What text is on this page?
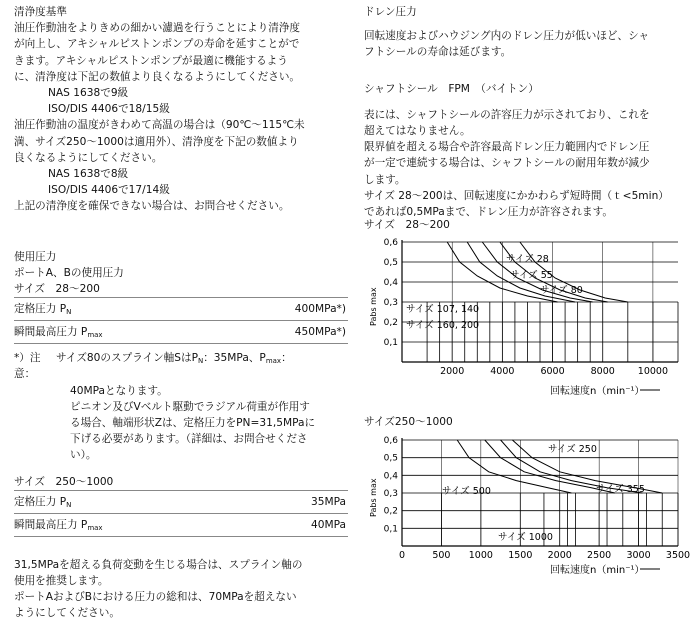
清浄度基準

油圧作動油をよりきめの細かい濾過を行うことにより清浄度

が向上し、アキシャルピストンポンプの寿命を延すことがで

きます。アキシャルピストンポンプが最適に機能するよう

に、清浄度は下記の数値より良くなるようにしてください。

NAS 1638で9級

ISO/DIS 4406で18/15級

油圧作動油の温度がきわめて高温の場合は（90℃〜115℃未

満、サイズ250〜1000は適用外）、清浄度を下記の数値より

良くなるようにしてください。

NAS 1638で8級

ISO/DIS 4406で17/14級

上記の清浄度を確保できない場合は、お問合せください。

使用圧力

ポートA、Bの使用圧力

サイズ　28〜200

定格圧力 $P_N$	400MPa*)
瞬間最高圧力 $P_{max}$	450MPa*)
*）注意：
サイズ80のスプライン軸Sは$P_N$：35MPa、$P_{max}$：

40MPaとなります。

ピニオン及びVベルト駆動でラジアル荷重が作用す

る場合、軸端形状Zは、定格圧力をPN=31,5MPaに

下げる必要があります。（詳細は、お問合せくださ

い）。

サイズ　250〜1000

定格圧力 $P_N$	35MPa
瞬間最高圧力 $P_{max}$	40MPa

31,5MPaを超える負荷変動を生じる場合は、スプライン軸の

使用を推奨します。

ポートAおよびBにおける圧力の総和は、70MPaを超えない

ようにしてください。

ドレン圧力

回転速度およびハウジング内のドレン圧力が低いほど、シャ

フトシールの寿命は延びます。

シャフトシール　FPM　（バイトン）

表には、シャフトシールの許容圧力が示されており、これを

超えてはなりません。

限界値を超える場合や許容最高ドレン圧力範囲内でドレン圧

が一定で連続する場合は、シャフトシールの耐用年数が減少

します。

サイズ 28〜200は、回転速度にかかわらず短時間（ｔ<5min）

であれば0,5MPaまで、ドレン圧力が許容されます。

サイズ　28〜200

0,1
0,2
0,3
0,4
0,5
0,6
2000	4000	6000	8000 10000
サイズ 28
サイズ 55
サイズ 80
サイズ 107, 140
サイズ 160, 200
Pabs max
回転速度n（min⁻¹）

サイズ250〜1000

0,1
0,2
0,3
0,4
0,5
0,6
0	500 1000 1500 2000 2500 3000 3500
サイズ 250
サイズ 500	サイズ 355
サイズ 1000
Pabs max
回転速度n（min⁻¹）
